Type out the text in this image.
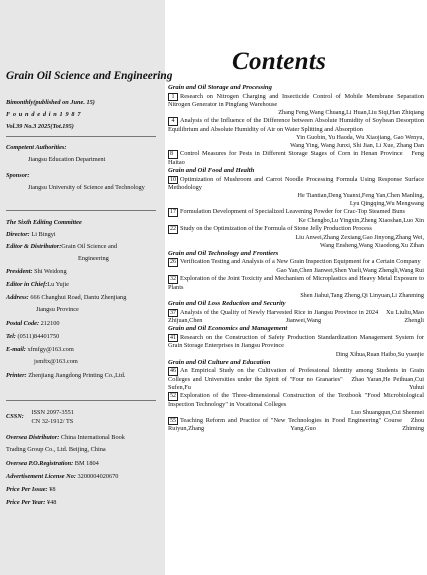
Grain Oil Science and Engineering
Bimonthly(published on June. 15)
F o u n d e d i n 1 9 8 7
Vol.39 No.3 2025(Tot.195)
Competent Authorities:
Jiangsu Education Department
Sponsor:
Jiangsu University of Science and Technology
The Sixth Editing Committee
Director: Li Bingyi
Editor & Distributor:Grain Oil Science and
Engineering
President: Shi Weidong
Editor in Chief:Lu Yujie
Address: 666 Changhui Road, Dantu Zhenjiang
Jiangsu Province
Postal Code: 212100
Tel: (0511)84401750
E-mail: xfmfgy@163.com
jsmftx@163.com
Printer: Zhenjiang Jiangdong Printing Co.,Ltd.
CSSN:
ISSN 2097-3551
CN 32-1912/ TS
Oversea Distributor: China International Book
Trading Group Co., Ltd. Beijing, China
Oversea P.O.Registration: BM 1804
Advertisement License No: 3200004020670
Price Per Issue: ¥8
Price Per Year: ¥48
Contents
Grain and Oil Storage and Processing
1 Research on Nitrogen Charging and Insecticide Control of Mobile Membrane Separation Nitrogen Generator in Pingfang Warehouse
Zhang Feng,Wang Chuang,Li Huan,Liu Siqi,Han Zhiqiang
4 Analysis of the Influence of the Difference between Absolute Humidity of Soybean Desorption Equilibrium and Absolute Humidity of Air on Water Splitting and Absorption
Yin Guobin, Yu Haoda, Wu Xiaojiang, Gao Wenyu,
Wang Ying, Wang Junxi, Shi Jian, Li Xue, Zhang Dan
8 Control Measures for Pests in Different Storage Stages of Corn in Henan Province Feng Haitao
Grain and Oil Food and Health
10 Optimization of Mushroom and Carrot Noodle Processing Formula Using Response Surface Methodology
He Tiantian,Deng Yuanxi,Feng Yan,Chen Manling,
Lyu Qingqing,Wu Mengwang
17 Formulation Development of Specialized Leavening Powder for Crac-Top Steamed Buns
Ke Chengbo,Lu Yingxin,Zheng Xiaoshan,Luo Xin
22 Study on the Optimization of the Formula of Stone Jelly Production Process
Liu Anwei,Zhang Zexiang,Gao Jinyong,Zhang Wei,
Wang Ensheng,Wang Xiaodong,Xu Zihan
Grain and Oil Technology and Frontiers
26 Verification Testing and Analysis of a New Grain Inspection Equipment for a Certain Company
Gao Yan,Chen Jianwei,Shen Yueli,Wang Zhengli,Wang Rui
32 Exploration of the Joint Toxicity and Mechanism of Microplastics and Heavy Metal Exposure to Plants
Shen Jiahui,Tang Zheng,Qi Linyuan,Li Zhanming
Grain and Oil Loss Reduction and Security
37 Analysis of the Quality of Newly Harvested Rice in Jiangsu Province in 2024 Xu Liuliu,Mao Zhijuan,Chen Jianwei,Wang Zhengli
Grain and Oil Economics and Management
41 Research on the Construction of Safety Production Standardization Management System for Grain Storage Enterprises in Jiangsu Province
Ding Xihua,Ruan Haibo,Su yuanjie
Grain and Oil Culture and Education
46 An Empirical Study on the Cultivation of Professional Identity among Students in Grain Colleges and Universities under the Spirit of "Four no Granaries" Zhao Yaran,He Peihuan,Cui Sufen,Fu Yuhui
52 Exploration of the Three-dimensional Construction of the Textbook "Food Microbiological Inspection Technology" in Vocational Colleges
Luo Shuangqun,Cui Shenmei
55 Teaching Reform and Practice of "New Technologies in Food Engineering" Course Zhou Ruiyun,Zhang Yang,Guo Zhiming
